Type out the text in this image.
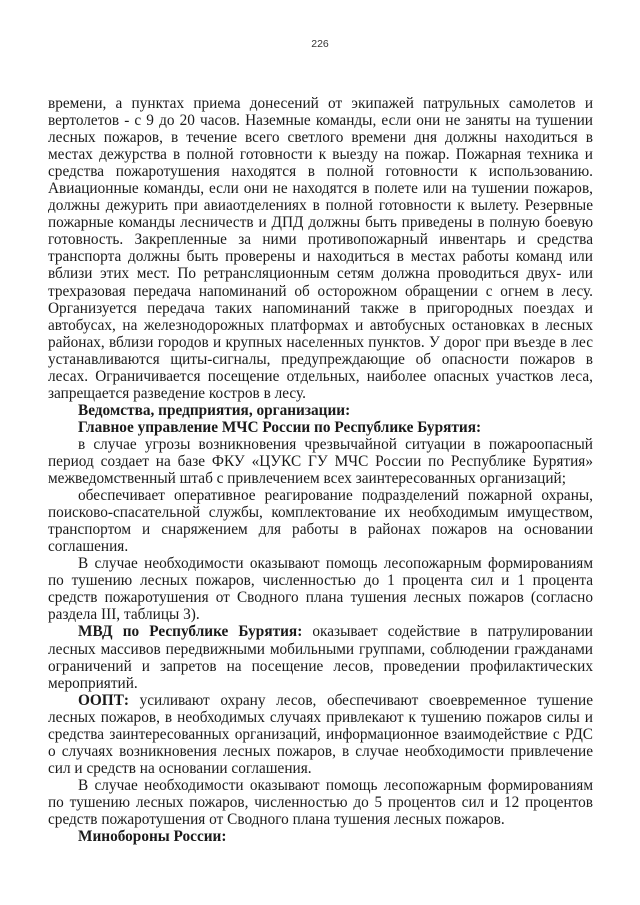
226

времени, а пунктах приема донесений от экипажей патрульных самолетов и вертолетов - с 9 до 20 часов. Наземные команды, если они не заняты на тушении лесных пожаров, в течение всего светлого времени дня должны находиться в местах дежурства в полной готовности к выезду на пожар. Пожарная техника и средства пожаротушения находятся в полной готовности к использованию. Авиационные команды, если они не находятся в полете или на тушении пожаров, должны дежурить при авиаотделениях в полной готовности к вылету. Резервные пожарные команды лесничеств и ДПД должны быть приведены в полную боевую готовность. Закрепленные за ними противопожарный инвентарь и средства транспорта должны быть проверены и находиться в местах работы команд или вблизи этих мест. По ретрансляционным сетям должна проводиться двух- или трехразовая передача напоминаний об осторожном обращении с огнем в лесу. Организуется передача таких напоминаний также в пригородных поездах и автобусах, на железнодорожных платформах и автобусных остановках в лесных районах, вблизи городов и крупных населенных пунктов. У дорог при въезде в лес устанавливаются щиты-сигналы, предупреждающие об опасности пожаров в лесах. Ограничивается посещение отдельных, наиболее опасных участков леса, запрещается разведение костров в лесу.

Ведомства, предприятия, организации:

Главное управление МЧС России по Республике Бурятия:

в случае угрозы возникновения чрезвычайной ситуации в пожароопасный период создает на базе ФКУ «ЦУКС ГУ МЧС России по Республике Бурятия» межведомственный штаб с привлечением всех заинтересованных организаций;

обеспечивает оперативное реагирование подразделений пожарной охраны, поисково-спасательной службы, комплектование их необходимым имуществом, транспортом и снаряжением для работы в районах пожаров на основании соглашения.

В случае необходимости оказывают помощь лесопожарным формированиям по тушению лесных пожаров, численностью до 1 процента сил и 1 процента средств пожаротушения от Сводного плана тушения лесных пожаров (согласно раздела III, таблицы 3).

МВД по Республике Бурятия: оказывает содействие в патрулировании лесных массивов передвижными мобильными группами, соблюдении гражданами ограничений и запретов на посещение лесов, проведении профилактических мероприятий.

ООПТ: усиливают охрану лесов, обеспечивают своевременное тушение лесных пожаров, в необходимых случаях привлекают к тушению пожаров силы и средства заинтересованных организаций, информационное взаимодействие с РДС о случаях возникновения лесных пожаров, в случае необходимости привлечение сил и средств на основании соглашения.

В случае необходимости оказывают помощь лесопожарным формированиям по тушению лесных пожаров, численностью до 5 процентов сил и 12 процентов средств пожаротушения от Сводного плана тушения лесных пожаров.

Минобороны России:
